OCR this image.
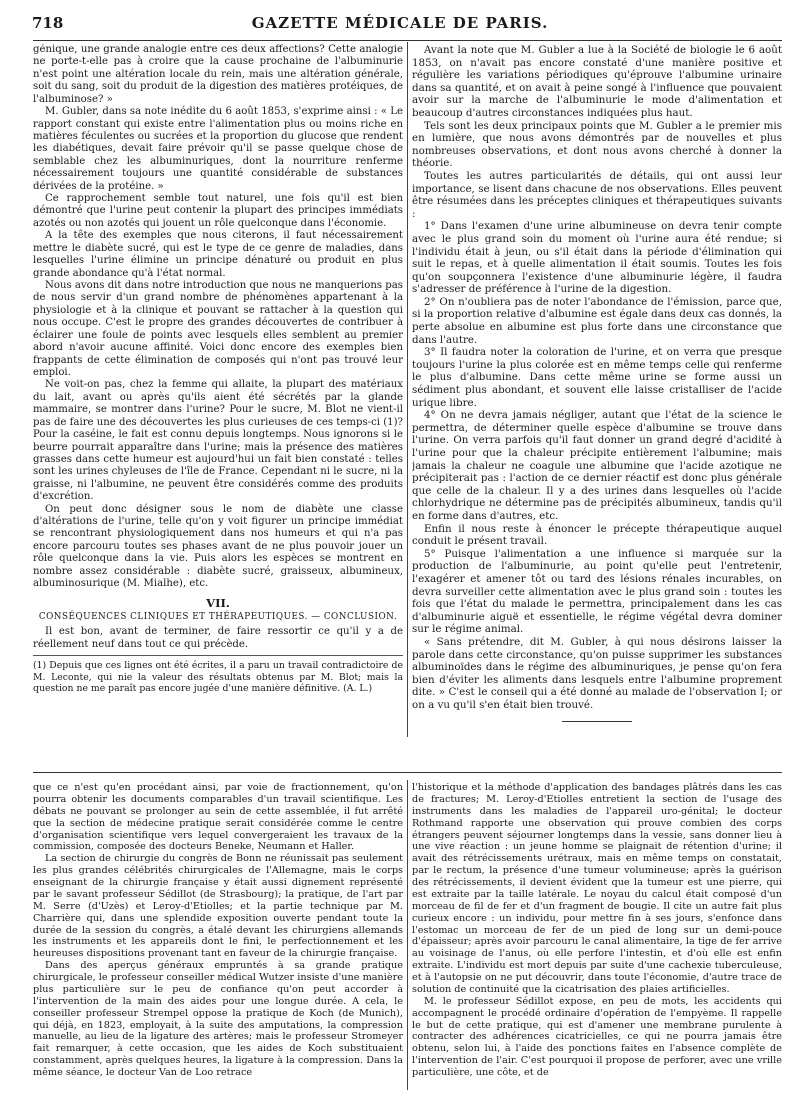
718	GAZETTE MÉDICALE DE PARIS.

génique, une grande analogie entre ces deux affections? Cette analogie ne porte-t-elle pas à croire que la cause prochaine de l'albuminurie n'est point une altération locale du rein, mais une altération générale, soit du sang, soit du produit de la digestion des matières protéiques, de l'albuminose? »

M. Gubler, dans sa note inédite du 6 août 1853, s'exprime ainsi : « Le rapport constant qui existe entre l'alimentation plus ou moins riche en matières féculentes ou sucrées et la proportion du glucose que rendent les diabétiques, devait faire prévoir qu'il se passe quelque chose de semblable chez les albuminuriques, dont la nourriture renferme nécessairement toujours une quantité considérable de substances dérivées de la protéine. »

Ce rapprochement semble tout naturel, une fois qu'il est bien démontré que l'urine peut contenir la plupart des principes immédiats azotés ou non azotés qui jouent un rôle quelconque dans l'économie.

A la tête des exemples que nous citerons, il faut nécessairement mettre le diabète sucré, qui est le type de ce genre de maladies, dans lesquelles l'urine élimine un principe dénaturé ou produit en plus grande abondance qu'à l'état normal.

Nous avons dit dans notre introduction que nous ne manquerions pas de nous servir d'un grand nombre de phénomènes appartenant à la physiologie et à la clinique et pouvant se rattacher à la question qui nous occupe. C'est le propre des grandes découvertes de contribuer à éclairer une foule de points avec lesquels elles semblent au premier abord n'avoir aucune affinité. Voici donc encore des exemples bien frappants de cette élimination de composés qui n'ont pas trouvé leur emploi.

Ne voit-on pas, chez la femme qui allaite, la plupart des matériaux du lait, avant ou après qu'ils aient été sécrétés par la glande mammaire, se montrer dans l'urine? Pour le sucre, M. Blot ne vient-il pas de faire une des découvertes les plus curieuses de ces temps-ci (1)? Pour la caséine, le fait est connu depuis longtemps. Nous ignorons si le beurre pourrait apparaître dans l'urine; mais la présence des matières grasses dans cette humeur est aujourd'hui un fait bien constaté : telles sont les urines chyleuses de l'île de France. Cependant ni le sucre, ni la graisse, ni l'albumine, ne peuvent être considérés comme des produits d'excrétion.

On peut donc désigner sous le nom de diabète une classe d'altérations de l'urine, telle qu'on y voit figurer un principe immédiat se rencontrant physiologiquement dans nos humeurs et qui n'a pas encore parcouru toutes ses phases avant de ne plus pouvoir jouer un rôle quelconque dans la vie. Puis alors les espèces se montrent en nombre assez considérable : diabète sucré, graisseux, albumineux, albuminosurique (M. Mialhe), etc.

VII.
CONSÉQUENCES CLINIQUES ET THÉRAPEUTIQUES. — CONCLUSION.

Il est bon, avant de terminer, de faire ressortir ce qu'il y a de réellement neuf dans tout ce qui précède.

(1) Depuis que ces lignes ont été écrites, il a paru un travail contradictoire de M. Leconte, qui nie la valeur des résultats obtenus par M. Blot; mais la question ne me paraît pas encore jugée d'une manière définitive. (A. L.)

Avant la note que M. Gubler a lue à la Société de biologie le 6 août 1853, on n'avait pas encore constaté d'une manière positive et régulière les variations périodiques qu'éprouve l'albumine urinaire dans sa quantité, et on avait à peine songé à l'influence que pouvaient avoir sur la marche de l'albuminurie le mode d'alimentation et beaucoup d'autres circonstances indiquées plus haut.

Tels sont les deux principaux points que M. Gubler a le premier mis en lumière, que nous avons démontrés par de nouvelles et plus nombreuses observations, et dont nous avons cherché à donner la théorie.

Toutes les autres particularités de détails, qui ont aussi leur importance, se lisent dans chacune de nos observations. Elles peuvent être résumées dans les préceptes cliniques et thérapeutiques suivants :

1° Dans l'examen d'une urine albumineuse on devra tenir compte avec le plus grand soin du moment où l'urine aura été rendue; si l'individu était à jeun, ou s'il était dans la période d'élimination qui suit le repas, et à quelle alimentation il était soumis. Toutes les fois qu'on soupçonnera l'existence d'une albuminurie légère, il faudra s'adresser de préférence à l'urine de la digestion.

2° On n'oubliera pas de noter l'abondance de l'émission, parce que, si la proportion relative d'albumine est égale dans deux cas donnés, la perte absolue en albumine est plus forte dans une circonstance que dans l'autre.

3° Il faudra noter la coloration de l'urine, et on verra que presque toujours l'urine la plus colorée est en même temps celle qui renferme le plus d'albumine. Dans cette même urine se forme aussi un sédiment plus abondant, et souvent elle laisse cristalliser de l'acide urique libre.

4° On ne devra jamais négliger, autant que l'état de la science le permettra, de déterminer quelle espèce d'albumine se trouve dans l'urine. On verra parfois qu'il faut donner un grand degré d'acidité à l'urine pour que la chaleur précipite entièrement l'albumine; mais jamais la chaleur ne coagule une albumine que l'acide azotique ne précipiterait pas : l'action de ce dernier réactif est donc plus générale que celle de la chaleur. Il y a des urines dans lesquelles où l'acide chlorhydrique ne détermine pas de précipités albumineux, tandis qu'il en forme dans d'autres, etc.

Enfin il nous reste à énoncer le précepte thérapeutique auquel conduit le présent travail.

5° Puisque l'alimentation a une influence si marquée sur la production de l'albuminurie, au point qu'elle peut l'entretenir, l'exagérer et amener tôt ou tard des lésions rénales incurables, on devra surveiller cette alimentation avec le plus grand soin : toutes les fois que l'état du malade le permettra, principalement dans les cas d'albuminurie aiguë et essentielle, le régime végétal devra dominer sur le régime animal.

« Sans prétendre, dit M. Gubler, à qui nous désirons laisser la parole dans cette circonstance, qu'on puisse supprimer les substances albuminoïdes dans le régime des albuminuriques, je pense qu'on fera bien d'éviter les aliments dans lesquels entre l'albumine proprement dite. » C'est le conseil qui a été donné au malade de l'observation I; or on a vu qu'il s'en était bien trouvé.

que ce n'est qu'en procédant ainsi, par voie de fractionnement, qu'on pourra obtenir les documents comparables d'un travail scientifique. Les débats ne pouvant se prolonger au sein de cette assemblée, il fut arrêté que la section de médecine pratique serait considérée comme le centre d'organisation scientifique vers lequel convergeraient les travaux de la commission, composée des docteurs Beneke, Neumann et Haller.

La section de chirurgie du congrès de Bonn ne réunissait pas seulement les plus grandes célébrités chirurgicales de l'Allemagne, mais le corps enseignant de la chirurgie française y était aussi dignement représenté par le savant professeur Sédillot (de Strasbourg); la pratique, de l'art par M. Serre (d'Uzès) et Leroy-d'Etiolles; et la partie technique par M. Charrière qui, dans une splendide exposition ouverte pendant toute la durée de la session du congrès, a étalé devant les chirurgiens allemands les instruments et les appareils dont le fini, le perfectionnement et les heureuses dispositions provenant tant en faveur de la chirurgie française.

Dans des aperçus généraux empruntés à sa grande pratique chirurgicale, le professeur conseiller médical Wutzer insiste d'une manière plus particulière sur le peu de confiance qu'on peut accorder à l'intervention de la main des aides pour une longue durée. A cela, le conseiller professeur Strempel oppose la pratique de Koch (de Munich), qui déjà, en 1823, employait, à la suite des amputations, la compression manuelle, au lieu de la ligature des artères; mais le professeur Stromeyer fait remarquer, à cette occasion, que les aides de Koch substituaient constamment, après quelques heures, la ligature à la compression. Dans la même séance, le docteur Van de Loo retrace

l'historique et la méthode d'application des bandages plâtrés dans les cas de fractures; M. Leroy-d'Etiolles entretient la section de l'usage des instruments dans les maladies de l'appareil uro-génital; le docteur Rothmand rapporte une observation qui prouve combien des corps étrangers peuvent séjourner longtemps dans la vessie, sans donner lieu à une vive réaction : un jeune homme se plaignait de rétention d'urine; il avait des rétrécissements urétraux, mais en même temps on constatait, par le rectum, la présence d'une tumeur volumineuse; après la guérison des rétrécissements, il devient évident que la tumeur est une pierre, qui est extraite par la taille latérale. Le noyau du calcul était composé d'un morceau de fil de fer et d'un fragment de bougie. Il cite un autre fait plus curieux encore : un individu, pour mettre fin à ses jours, s'enfonce dans l'estomac un morceau de fer de un pied de long sur un demi-pouce d'épaisseur; après avoir parcouru le canal alimentaire, la tige de fer arrive au voisinage de l'anus, où elle perfore l'intestin, et d'où elle est enfin extraite. L'individu est mort depuis par suite d'une cachexie tuberculeuse, et à l'autopsie on ne put découvrir, dans toute l'économie, d'autre trace de solution de continuité que la cicatrisation des plaies artificielles.

M. le professeur Sédillot expose, en peu de mots, les accidents qui accompagnent le procédé ordinaire d'opération de l'empyème. Il rappelle le but de cette pratique, qui est d'amener une membrane purulente à contracter des adhérences cicatricielles, ce qui ne pourra jamais être obtenu, selon lui, à l'aide des ponctions faites en l'absence complète de l'intervention de l'air. C'est pourquoi il propose de perforer, avec une vrille particulière, une côte, et de
